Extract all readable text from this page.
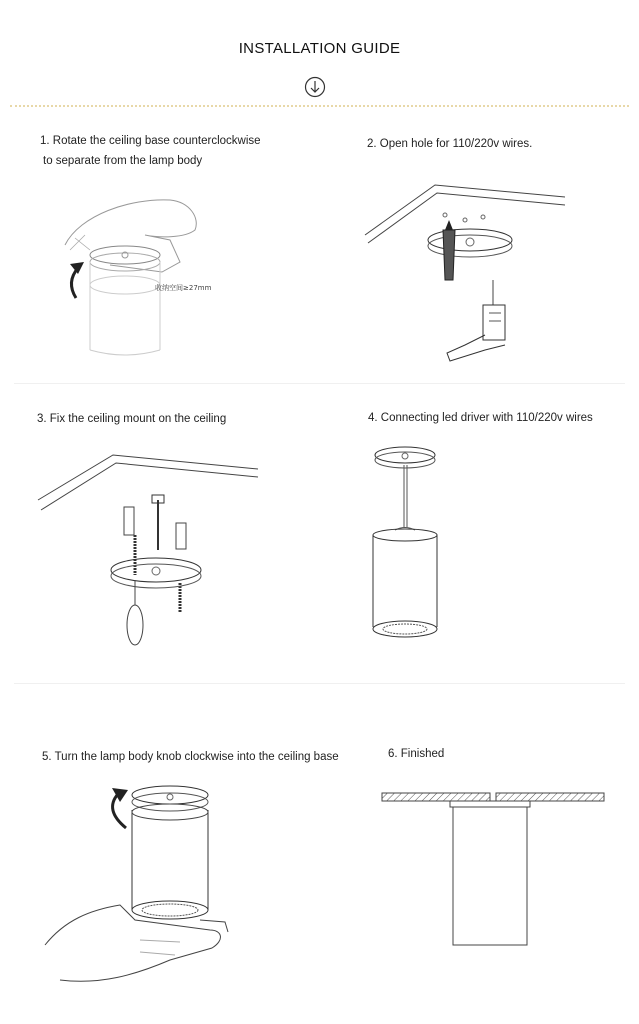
INSTALLATION GUIDE
1. Rotate the ceiling base counterclockwise
to separate from the lamp body
2. Open hole for 110/220v wires.
3. Fix the ceiling mount on the ceiling	4. Connecting led driver with 110/220v wires
5. Turn the lamp body knob clockwise into the ceiling base	6. Finished
收纳空间≥27mm
